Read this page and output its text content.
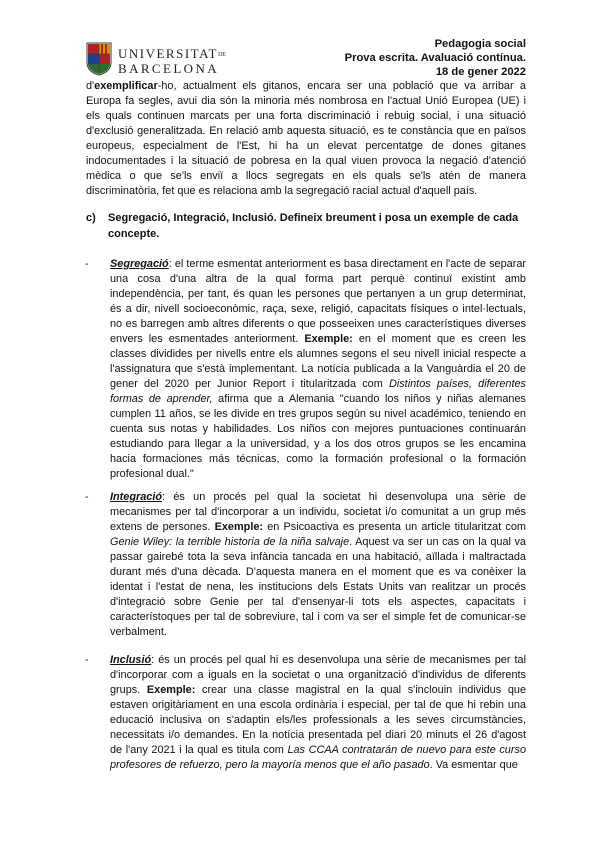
UNIVERSITATDE
BARCELONA
Pedagogia social
Prova escrita. Avaluació contínua.
18 de gener 2022
d'exemplificar-ho, actualment els gitanos, encara ser una població que va arribar a Europa fa segles, avui dia són la minoria més nombrosa en l'actual Unió Europea (UE) i els quals continuen marcats per una forta discriminació i rebuig social, i una situació d'exclusió generalitzada. En relació amb aquesta situació, es te constància que en països europeus, especialment de l'Est, hi ha un elevat percentatge de dones gitanes indocumentades i la situació de pobresa en la qual viuen provoca la negació d'atenció mèdica o que se'ls enviï a llocs segregats en els quals se'ls atén de manera discriminatòria, fet que es relaciona amb la segregació racial actual d'aquell país.
c) Segregació, Integració, Inclusió. Defineix breument i posa un exemple de cada concepte.
- Segregació: el terme esmentat anteriorment es basa directament en l'acte de separar una cosa d'una altra de la qual forma part perquè continuï existint amb independència, per tant, és quan les persones que pertanyen a un grup determinat, és a dir, nivell socioeconòmic, raça, sexe, religió, capacitats físiques o intel·lectuals, no es barregen amb altres diferents o que posseeixen unes característiques diverses envers les esmentades anteriorment. Exemple: en el moment que es creen les classes dividides per nivells entre els alumnes segons el seu nivell inicial respecte a l'assignatura que s'està implementant. La notícia publicada a la Vanguàrdia el 20 de gener del 2020 per Junior Report i titularitzada com Distintos países, diferentes formas de aprender, afirma que a Alemania "cuando los niños y niñas alemanes cumplen 11 años, se les divide en tres grupos según su nivel académico, teniendo en cuenta sus notas y habilidades. Los niños con mejores puntuaciones continuarán estudiando para llegar a la universidad, y a los dos otros grupos se les encamina hacia formaciones más técnicas, como la formación profesional o la formación profesional dual."
- Integració: és un procés pel qual la societat hi desenvolupa una sèrie de mecanismes per tal d'incorporar a un individu, societat i/o comunitat a un grup més extens de persones. Exemple: en Psicoactiva es presenta un article titularitzat com Genie Wiley: la terrible historia de la niña salvaje. Aquest va ser un cas on la qual va passar gairebé tota la seva infància tancada en una habitació, aïllada i maltractada durant més d'una dècada. D'aquesta manera en el moment que es va conèixer la identat i l'estat de nena, les institucions dels Estats Units van realitzar un procés d'integració sobre Genie per tal d'ensenyar-li tots els aspectes, capacitats i característoques per tal de sobreviure, tal i com va ser el simple fet de comunicar-se verbalment.
- Inclusió: és un procés pel qual hi es desenvolupa una sèrie de mecanismes per tal d'incorporar com a iguals en la societat o una organització d'individus de diferents grups. Exemple: crear una classe magistral en la qual s'inclouin individus que estaven origitàriament en una escola ordinària i especial, per tal de que hi rebin una educació inclusiva on s'adaptin els/les professionals a les seves circumstàncies, necessitats i/o demandes. En la notícia presentada pel diari 20 minuts el 26 d'agost de l'any 2021 i la qual es titula com Las CCAA contratarán de nuevo para este curso profesores de refuerzo, pero la mayoría menos que el año pasado. Va esmentar que
